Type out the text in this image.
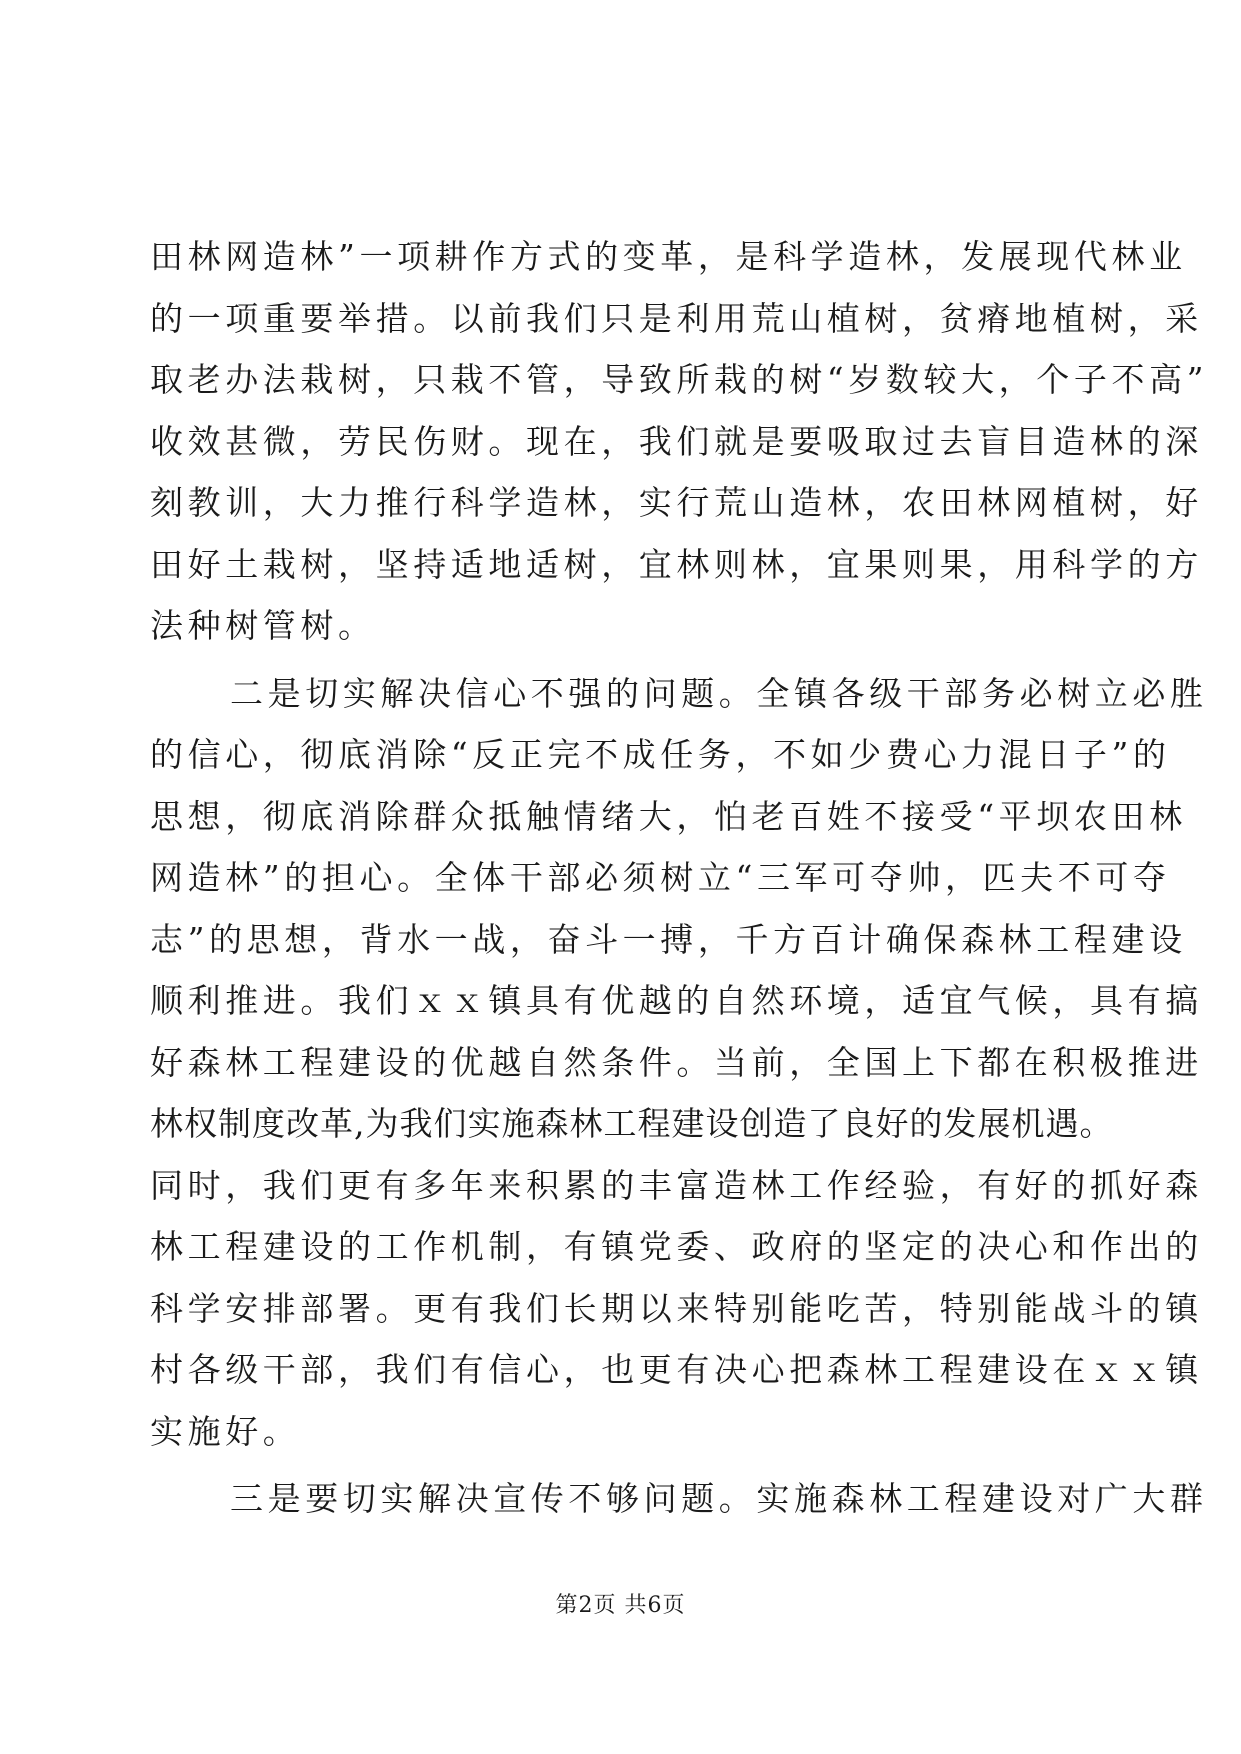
田林网造林”一项耕作方式的变革，是科学造林，发展现代林业
的一项重要举措。以前我们只是利用荒山植树，贫瘠地植树，采
取老办法栽树，只栽不管，导致所栽的树“岁数较大，个子不高”
收效甚微，劳民伤财。现在，我们就是要吸取过去盲目造林的深
刻教训，大力推行科学造林，实行荒山造林，农田林网植树，好
田好土栽树，坚持适地适树，宜林则林，宜果则果，用科学的方
法种树管树。
二是切实解决信心不强的问题。全镇各级干部务必树立必胜
的信心，彻底消除“反正完不成任务，不如少费心力混日子”的
思想，彻底消除群众抵触情绪大，怕老百姓不接受“平坝农田林
网造林”的担心。全体干部必须树立“三军可夺帅，匹夫不可夺
志”的思想，背水一战，奋斗一搏，千方百计确保森林工程建设
顺利推进。我们ｘｘ镇具有优越的自然环境，适宜气候，具有搞
好森林工程建设的优越自然条件。当前，全国上下都在积极推进
林权制度改革,为我们实施森林工程建设创造了良好的发展机遇。
同时，我们更有多年来积累的丰富造林工作经验，有好的抓好森
林工程建设的工作机制，有镇党委、政府的坚定的决心和作出的
科学安排部署。更有我们长期以来特别能吃苦，特别能战斗的镇
村各级干部，我们有信心，也更有决心把森林工程建设在ｘｘ镇
实施好。
三是要切实解决宣传不够问题。实施森林工程建设对广大群
第2页 共6页
